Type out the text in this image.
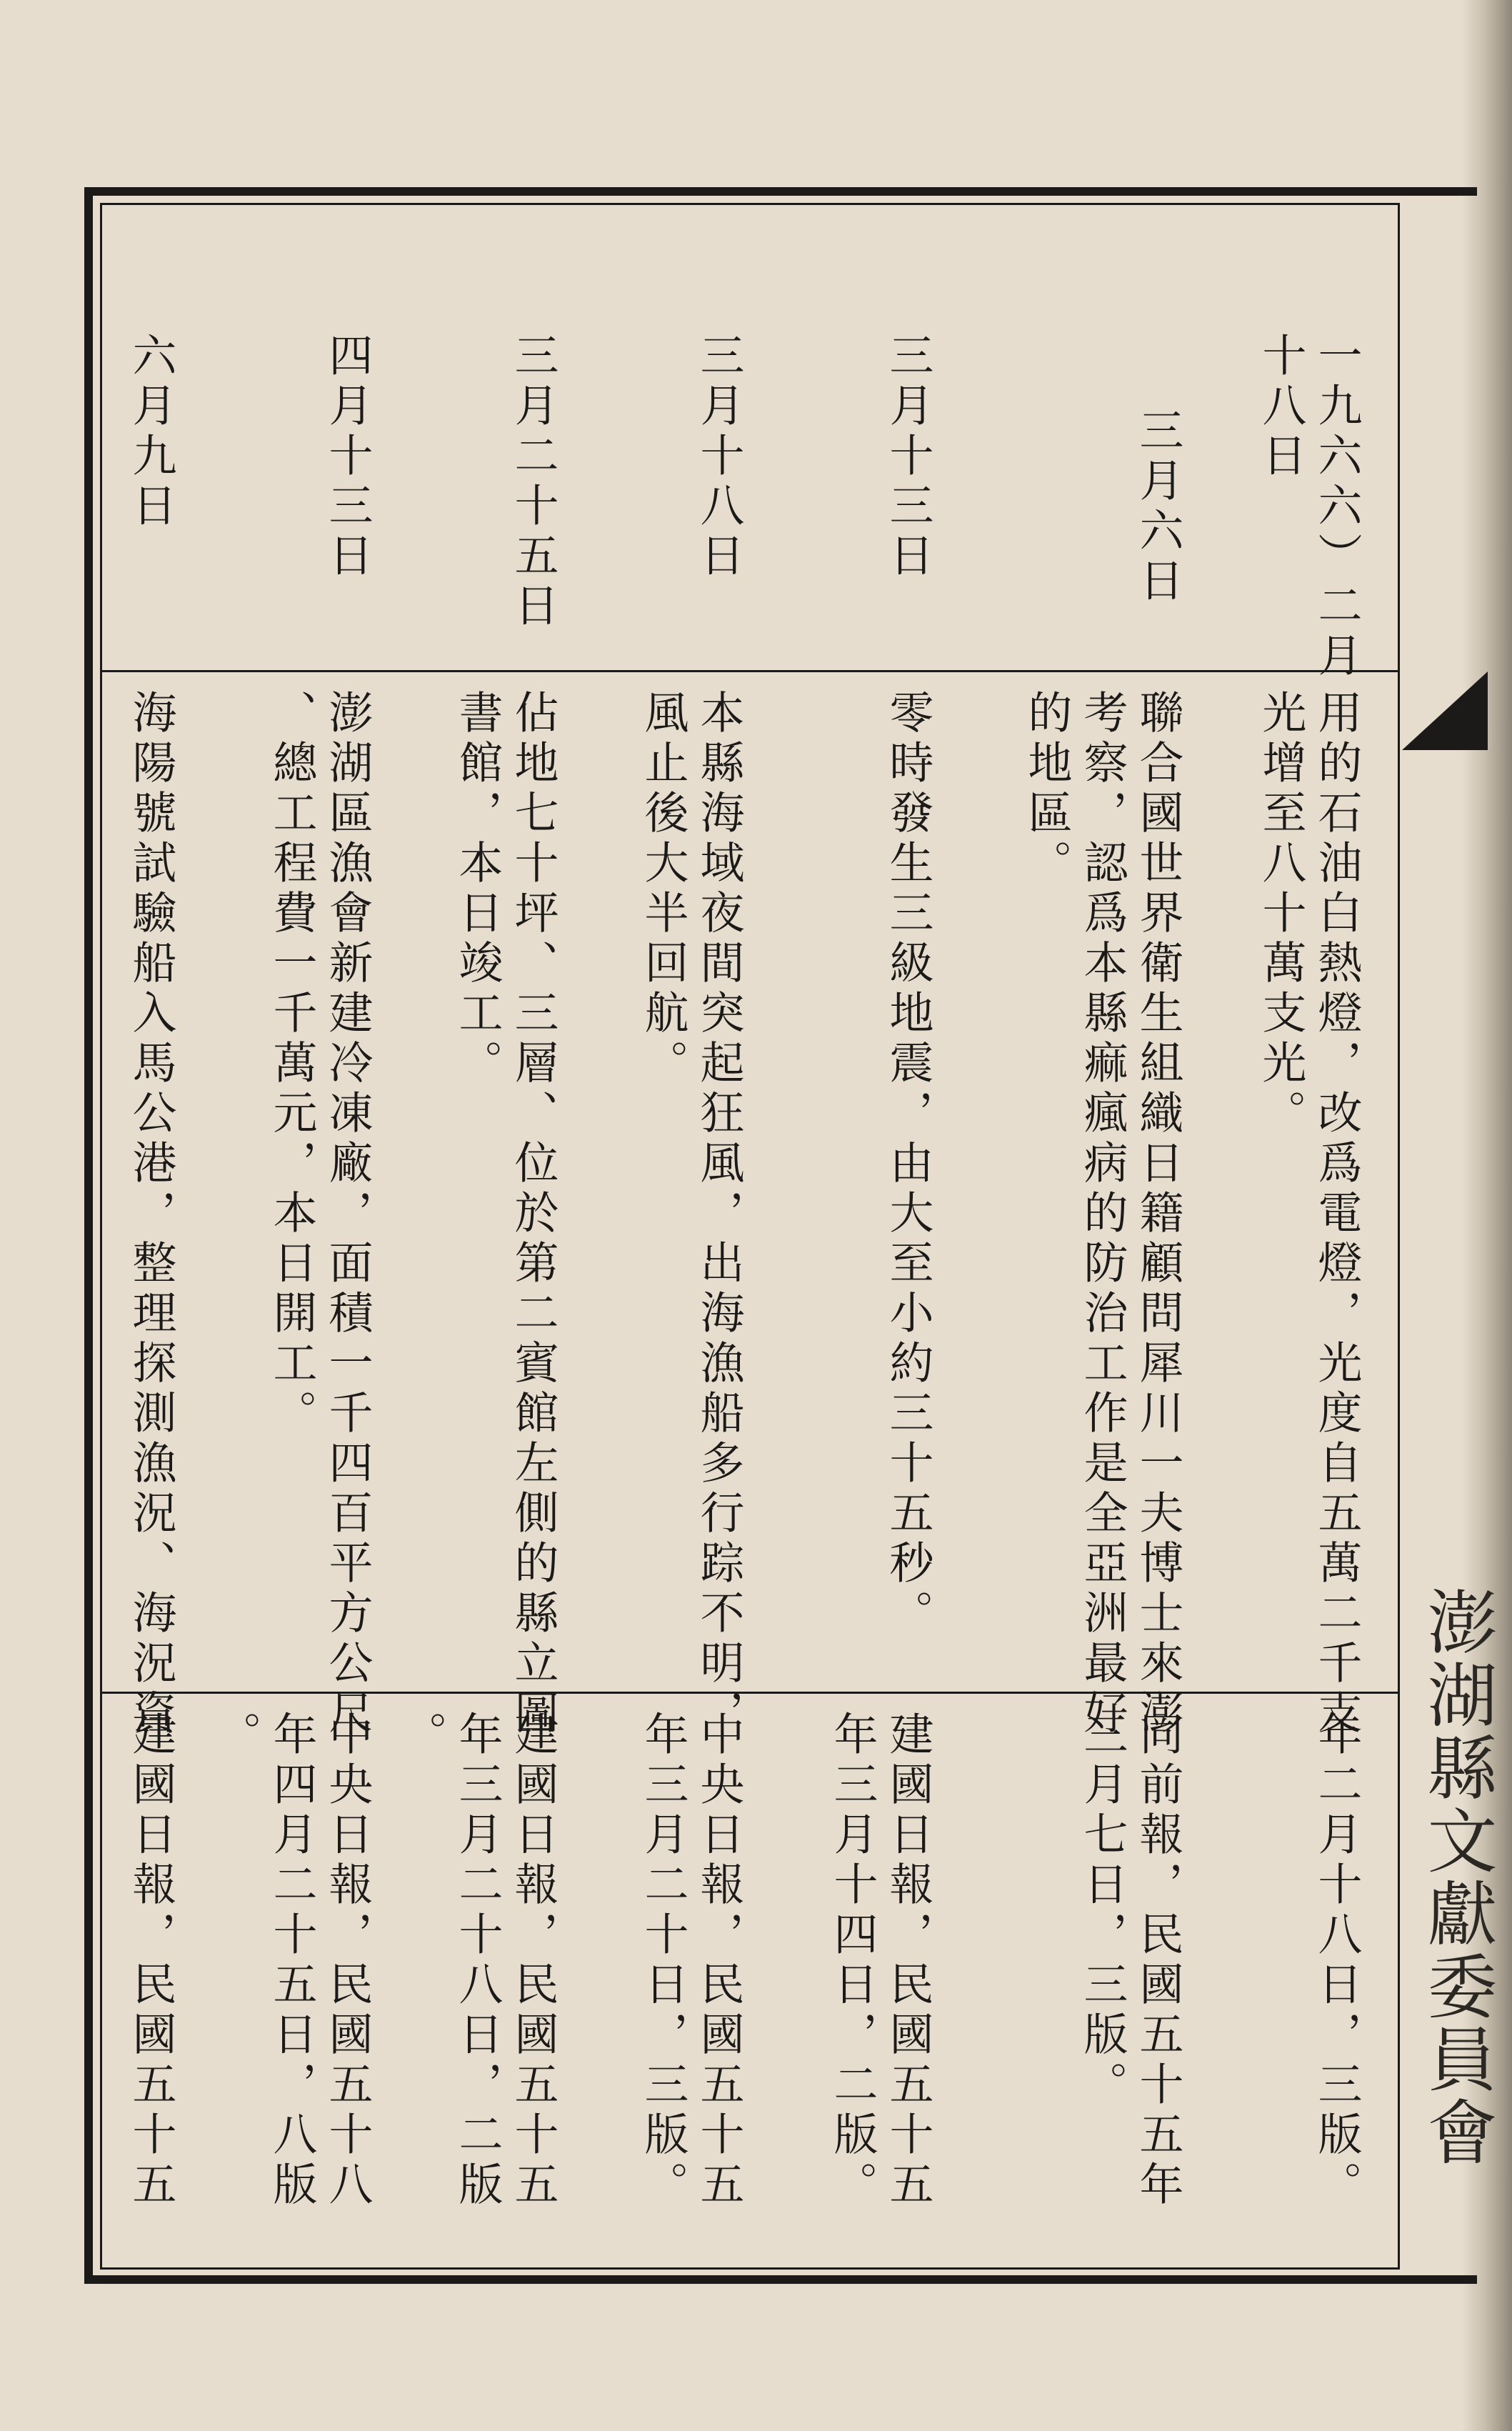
澎湖縣文獻委員會
一九六六）二月
十八日
用的石油白熱燈，改爲電燈，光度自五萬二千支
光增至八十萬支光。
年二月十八日，三版。
三月六日
聯合國世界衛生組織日籍顧問犀川一夫博士來澎
考察，認爲本縣痲瘋病的防治工作是全亞洲最好
的地區。
同前報，民國五十五年
三月七日，三版。
三月十三日
零時發生三級地震，由大至小約三十五秒。
建國日報，民國五十五
年三月十四日，二版。
三月十八日
本縣海域夜間突起狂風，出海漁船多行踪不明，
風止後大半回航。
中央日報，民國五十五
年三月二十日，三版。
三月二十五日
佔地七十坪、三層、位於第二賓館左側的縣立圖
書館，本日竣工。
建國日報，民國五十五
年三月二十八日，二版
。
四月十三日
澎湖區漁會新建冷凍廠，面積一千四百平方公尺
、總工程費一千萬元，本日開工。
中央日報，民國五十八
年四月二十五日，八版
。
六月九日
海陽號試驗船入馬公港，整理探測漁況、海況資
建國日報，民國五十五
